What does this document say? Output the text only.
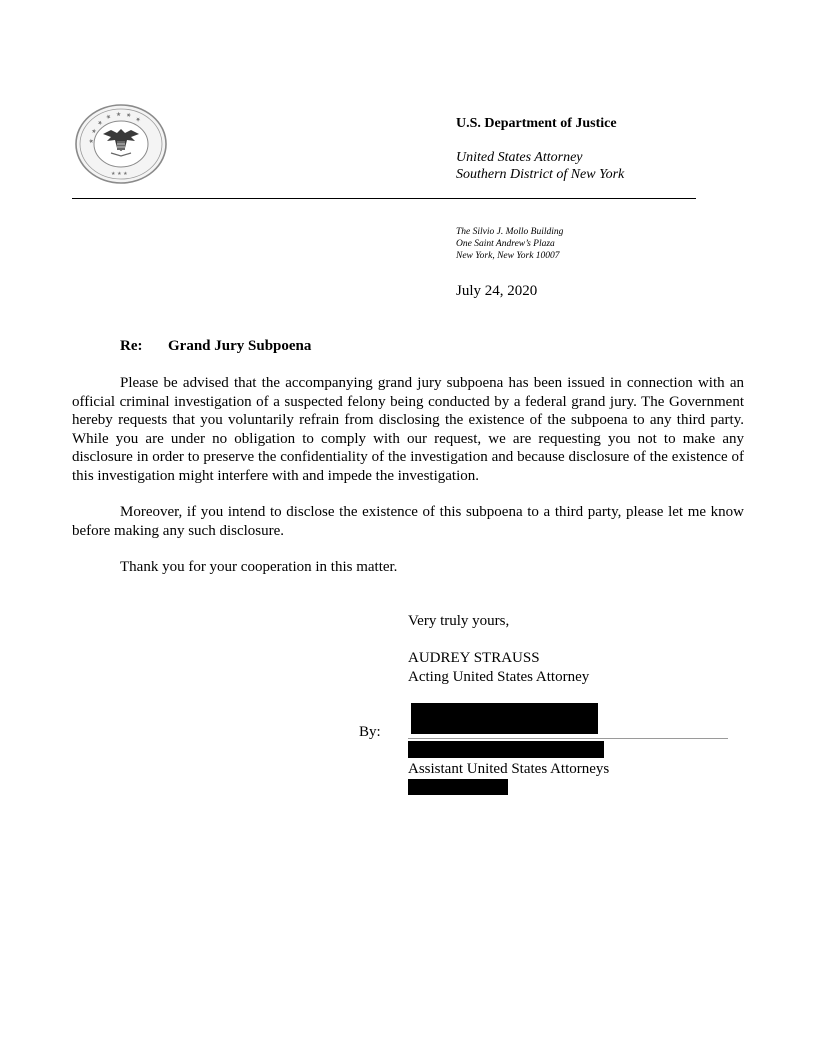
★ ★ ★ ★ ★ ★ ★
★ ★ ★
U.S. Department of Justice
United States Attorney
Southern District of New York
The Silvio J. Mollo Building
One Saint Andrew’s Plaza
New York, New York 10007
July 24, 2020
Re: Grand Jury Subpoena

Please be advised that the accompanying grand jury subpoena has been issued in connection with an official criminal investigation of a suspected felony being conducted by a federal grand jury. The Government hereby requests that you voluntarily refrain from disclosing the existence of the subpoena to any third party. While you are under no obligation to comply with our request, we are requesting you not to make any disclosure in order to preserve the confidentiality of the investigation and because disclosure of the existence of this investigation might interfere with and impede the investigation.

Moreover, if you intend to disclose the existence of this subpoena to a third party, please let me know before making any such disclosure.

Thank you for your cooperation in this matter.

Very truly yours,
AUDREY STRAUSS
Acting United States Attorney
By:
Assistant United States Attorneys
